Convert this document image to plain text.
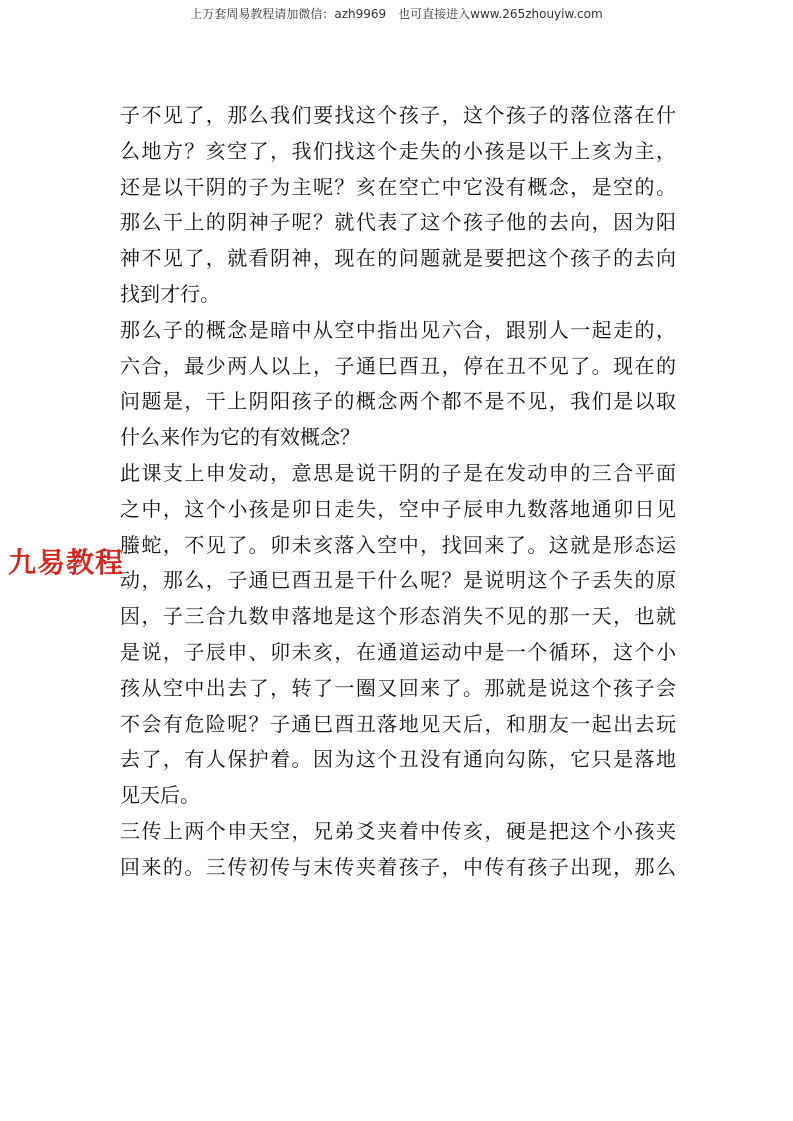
上万套周易教程请加微信：azh9969　也可直接进入www.265zhouyiw.com
九易教程
子 不 见 了 ， 那 么 我 们 要 找 这 个 孩 子 ， 这 个 孩 子 的 落 位 落 在 什
么 地 方 ？ 亥 空 了 ， 我 们 找 这 个 走 失 的 小 孩 是 以 干 上 亥 为 主 ，
还 是 以 干 阴 的 子 为 主 呢 ？ 亥 在 空 亡 中 它 没 有 概 念 ， 是 空 的 。
那 么 干 上 的 阴 神 子 呢 ？ 就 代 表 了 这 个 孩 子 他 的 去 向 ， 因 为 阳
神 不 见 了 ， 就 看 阴 神 ， 现 在 的 问 题 就 是 要 把 这 个 孩 子 的 去 向
找到才行。
那 么 子 的 概 念 是 暗 中 从 空 中 指 出 见 六 合 ， 跟 别 人 一 起 走 的 ，
六 合 ， 最 少 两 人 以 上 ， 子 通 巳 酉 丑 ， 停 在 丑 不 见 了 。 现 在 的
问 题 是 ， 干 上 阴 阳 孩 子 的 概 念 两 个 都 不 是 不 见 ， 我 们 是 以 取
什么来作为它的有效概念？
此 课 支 上 申 发 动 ， 意 思 是 说 干 阴 的 子 是 在 发 动 申 的 三 合 平 面
之 中 ， 这 个 小 孩 是 卯 日 走 失 ， 空 中 子 辰 申 九 数 落 地 通 卯 日 见
螣 蛇 ， 不 见 了 。 卯 未 亥 落 入 空 中 ， 找 回 来 了 。 这 就 是 形 态 运
动 ， 那 么 ， 子 通 巳 酉 丑 是 干 什 么 呢 ？ 是 说 明 这 个 子 丢 失 的 原
因 ， 子 三 合 九 数 申 落 地 是 这 个 形 态 消 失 不 见 的 那 一 天 ， 也 就
是 说 ， 子 辰 申 、 卯 未 亥 ， 在 通 道 运 动 中 是 一 个 循 环 ， 这 个 小
孩 从 空 中 出 去 了 ， 转 了 一 圈 又 回 来 了 。 那 就 是 说 这 个 孩 子 会
不 会 有 危 险 呢 ？ 子 通 巳 酉 丑 落 地 见 天 后 ， 和 朋 友 一 起 出 去 玩
去 了 ， 有 人 保 护 着 。 因 为 这 个 丑 没 有 通 向 勾 陈 ， 它 只 是 落 地
见天后。
三 传 上 两 个 申 天 空 ， 兄 弟 爻 夹 着 中 传 亥 ， 硬 是 把 这 个 小 孩 夹
回 来 的 。 三 传 初 传 与 末 传 夹 着 孩 子 ， 中 传 有 孩 子 出 现 ， 那 么
